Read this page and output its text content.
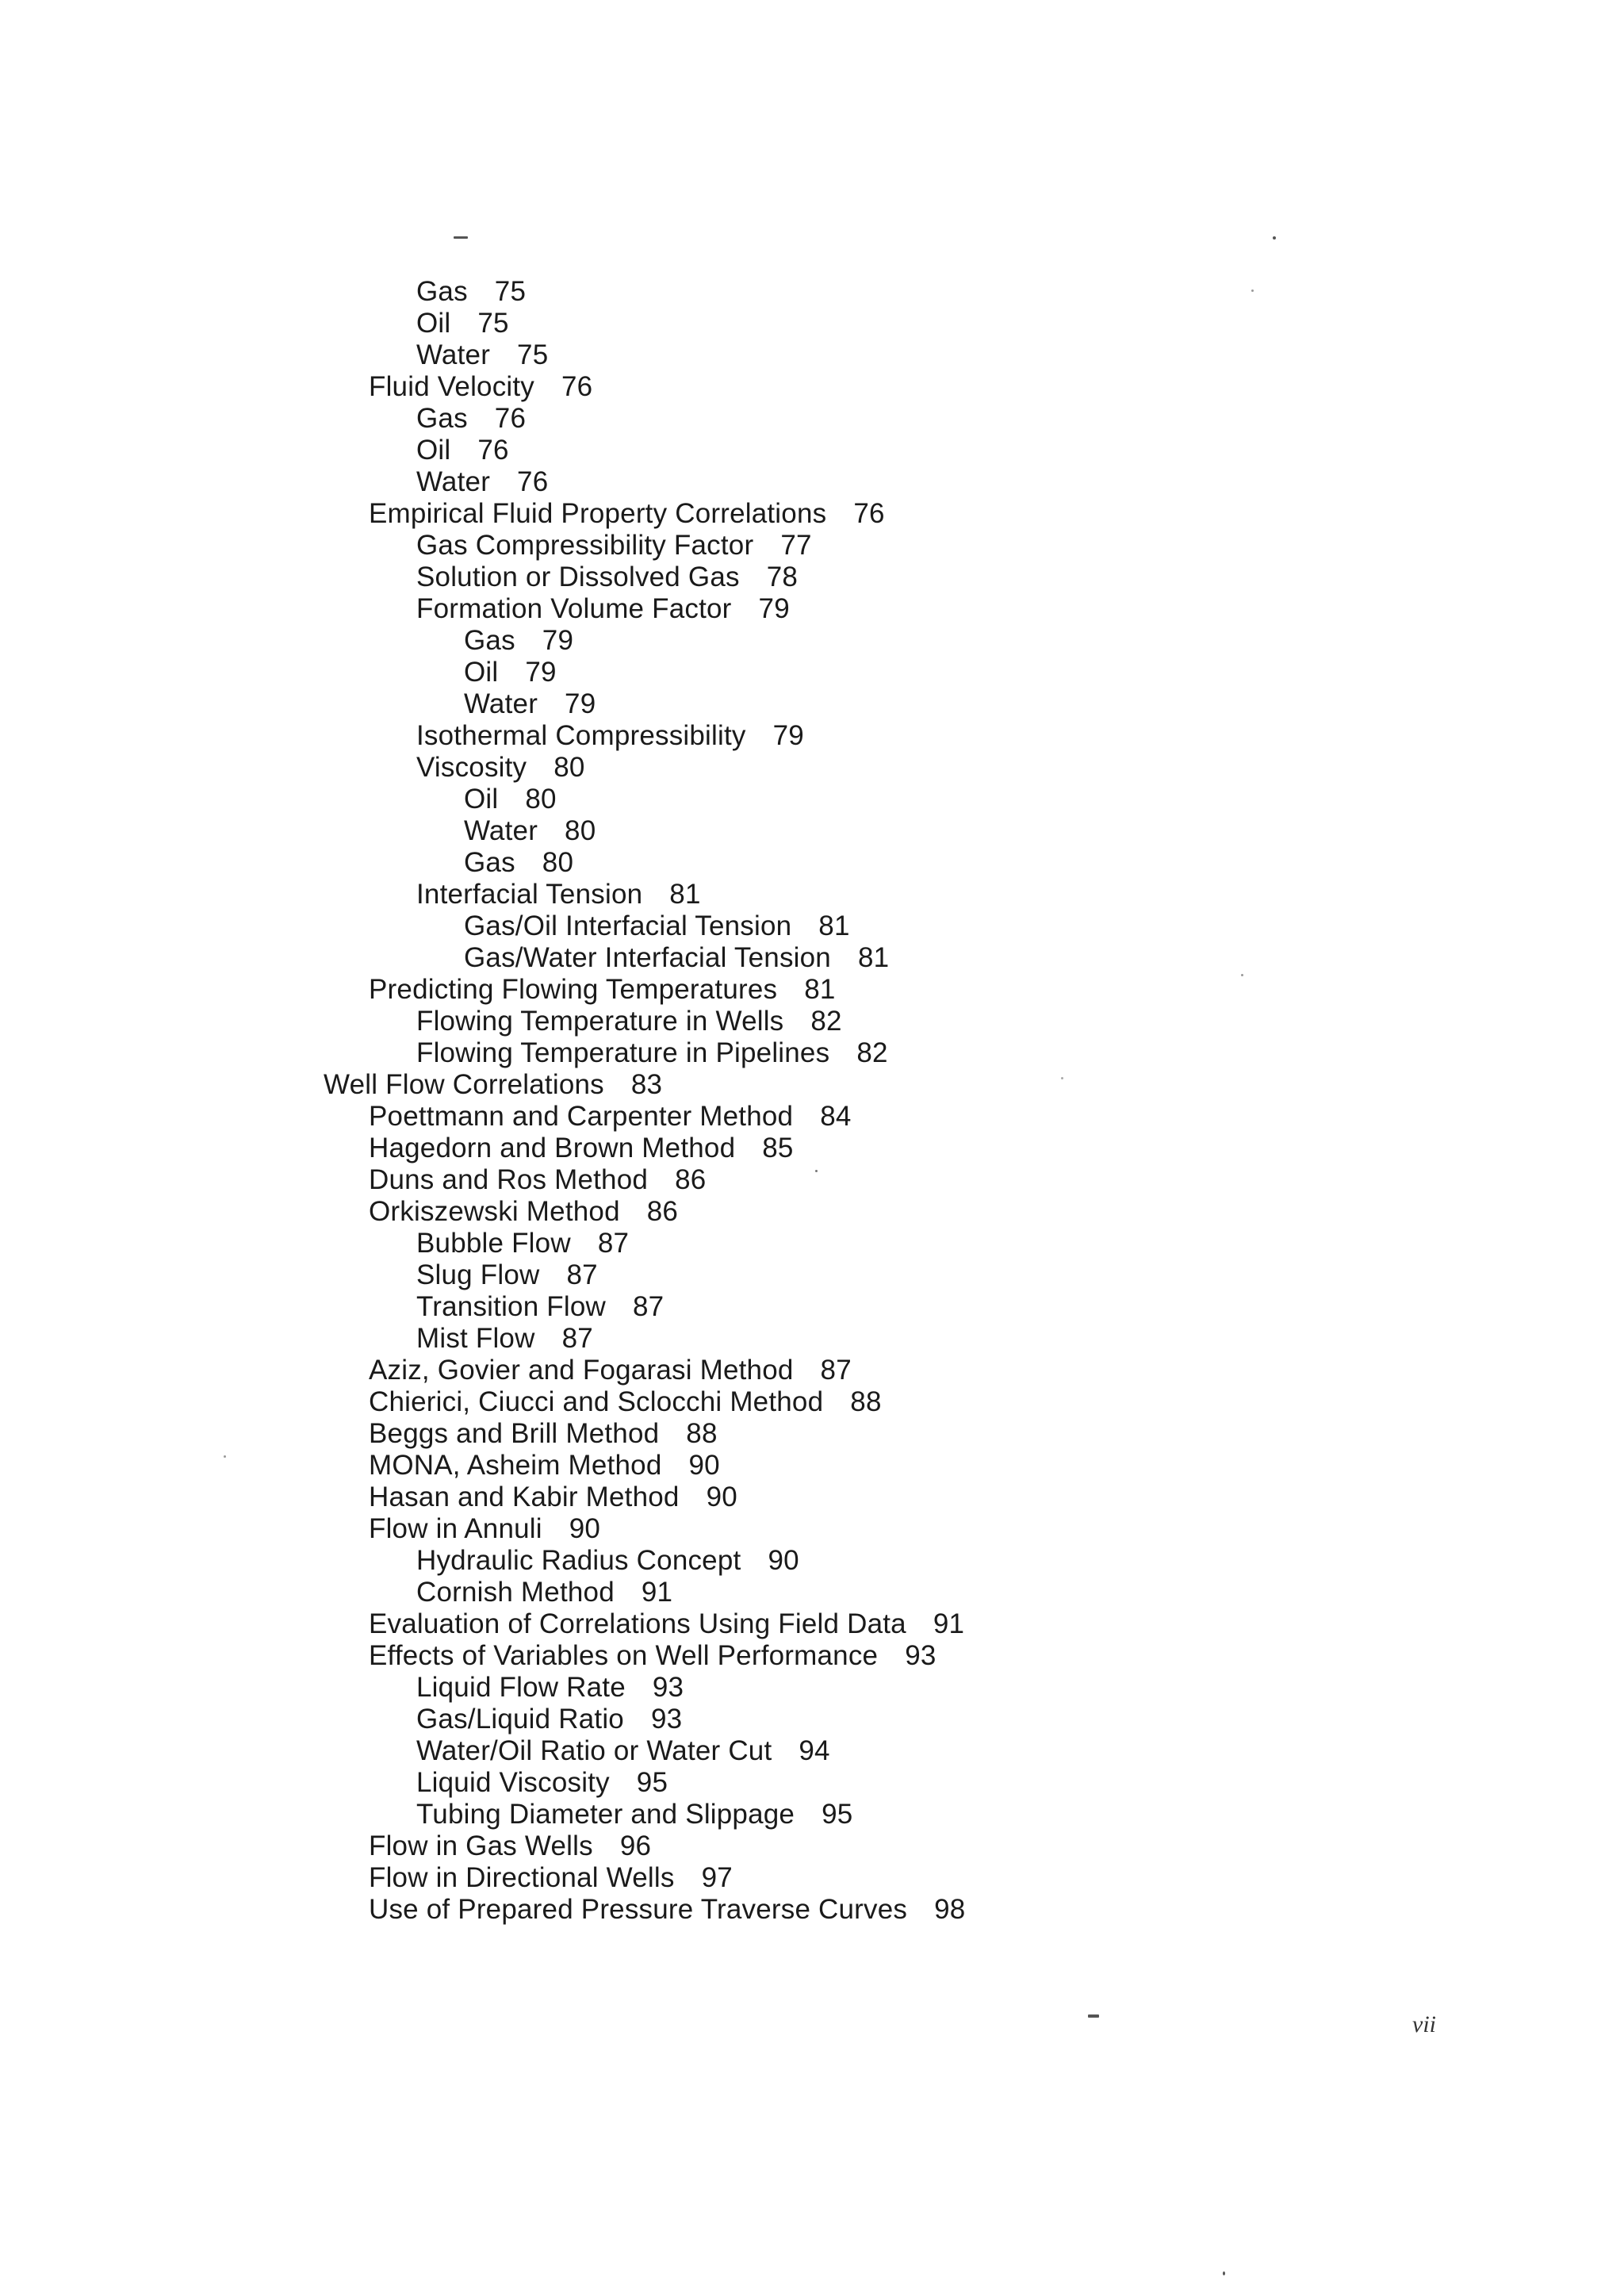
Gas 75
Oil 75
Water 75
Fluid Velocity 76
Gas 76
Oil 76
Water 76
Empirical Fluid Property Correlations 76
Gas Compressibility Factor 77
Solution or Dissolved Gas 78
Formation Volume Factor 79
Gas 79
Oil 79
Water 79
Isothermal Compressibility 79
Viscosity 80
Oil 80
Water 80
Gas 80
Interfacial Tension 81
Gas/Oil Interfacial Tension 81
Gas/Water Interfacial Tension 81
Predicting Flowing Temperatures 81
Flowing Temperature in Wells 82
Flowing Temperature in Pipelines 82
Well Flow Correlations 83
Poettmann and Carpenter Method 84
Hagedorn and Brown Method 85
Duns and Ros Method 86
Orkiszewski Method 86
Bubble Flow 87
Slug Flow 87
Transition Flow 87
Mist Flow 87
Aziz, Govier and Fogarasi Method 87
Chierici, Ciucci and Sclocchi Method 88
Beggs and Brill Method 88
MONA, Asheim Method 90
Hasan and Kabir Method 90
Flow in Annuli 90
Hydraulic Radius Concept 90
Cornish Method 91
Evaluation of Correlations Using Field Data 91
Effects of Variables on Well Performance 93
Liquid Flow Rate 93
Gas/Liquid Ratio 93
Water/Oil Ratio or Water Cut 94
Liquid Viscosity 95
Tubing Diameter and Slippage 95
Flow in Gas Wells 96
Flow in Directional Wells 97
Use of Prepared Pressure Traverse Curves 98
vii
